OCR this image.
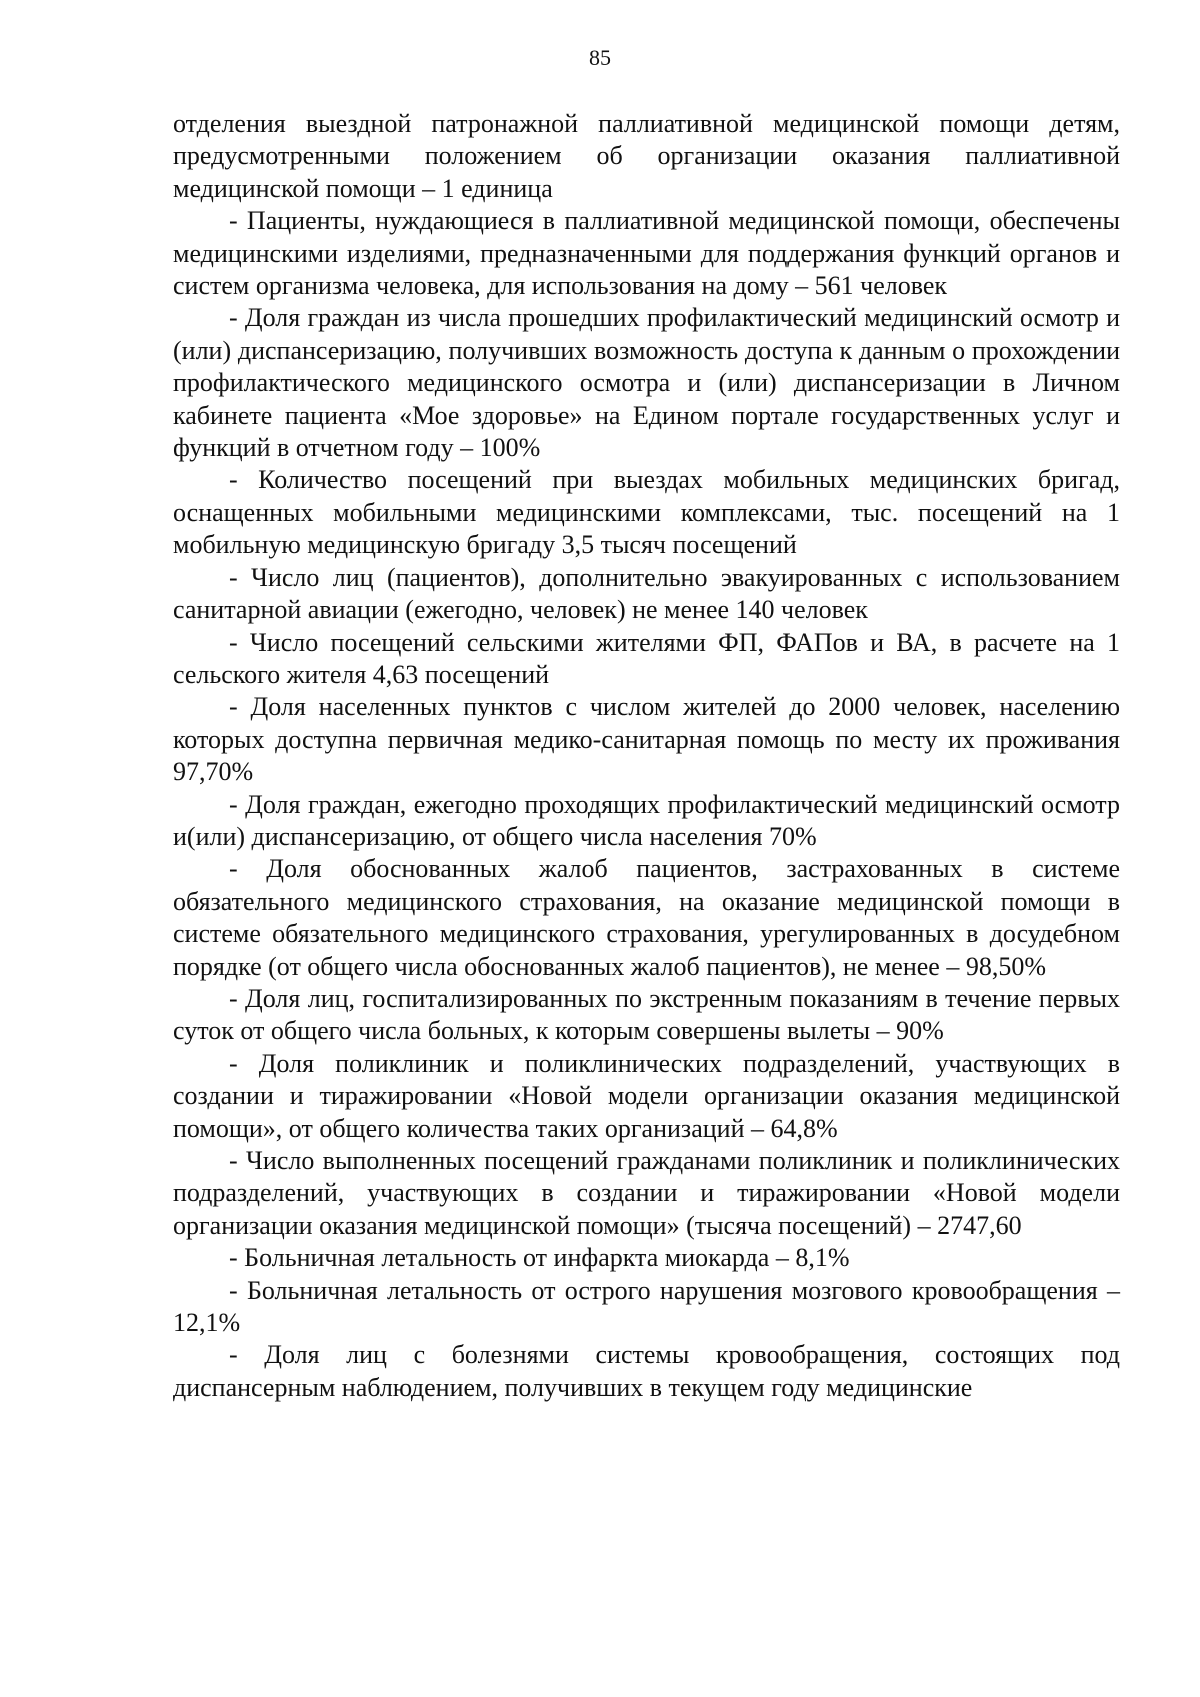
85

отделения выездной патронажной паллиативной медицинской помощи детям, предусмотренными положением об организации оказания паллиативной медицинской помощи – 1 единица

- Пациенты, нуждающиеся в паллиативной медицинской помощи, обеспечены медицинскими изделиями, предназначенными для поддержания функций органов и систем организма человека, для использования на дому – 561 человек

- Доля граждан из числа прошедших профилактический медицинский осмотр и (или) диспансеризацию, получивших возможность доступа к данным о прохождении профилактического медицинского осмотра и (или) диспансеризации в Личном кабинете пациента «Мое здоровье» на Едином портале государственных услуг и функций в отчетном году – 100%

- Количество посещений при выездах мобильных медицинских бригад, оснащенных мобильными медицинскими комплексами, тыс. посещений на 1 мобильную медицинскую бригаду 3,5 тысяч посещений

- Число лиц (пациентов), дополнительно эвакуированных с использованием санитарной авиации (ежегодно, человек) не менее 140 человек

- Число посещений сельскими жителями ФП, ФАПов и ВА, в расчете на 1 сельского жителя 4,63 посещений

- Доля населенных пунктов с числом жителей до 2000 человек, населению которых доступна первичная медико-санитарная помощь по месту их проживания 97,70%

- Доля граждан, ежегодно проходящих профилактический медицинский осмотр и(или) диспансеризацию, от общего числа населения 70%

- Доля обоснованных жалоб пациентов, застрахованных в системе обязательного медицинского страхования, на оказание медицинской помощи в системе обязательного медицинского страхования, урегулированных в досудебном порядке (от общего числа обоснованных жалоб пациентов), не менее – 98,50%

- Доля лиц, госпитализированных по экстренным показаниям в течение первых суток от общего числа больных, к которым совершены вылеты – 90%

- Доля поликлиник и поликлинических подразделений, участвующих в создании и тиражировании «Новой модели организации оказания медицинской помощи», от общего количества таких организаций – 64,8%

- Число выполненных посещений гражданами поликлиник и поликлинических подразделений, участвующих в создании и тиражировании «Новой модели организации оказания медицинской помощи» (тысяча посещений) – 2747,60

- Больничная летальность от инфаркта миокарда – 8,1%

- Больничная летальность от острого нарушения мозгового кровообращения – 12,1%

- Доля лиц с болезнями системы кровообращения, состоящих под диспансерным наблюдением, получивших в текущем году медицинские
